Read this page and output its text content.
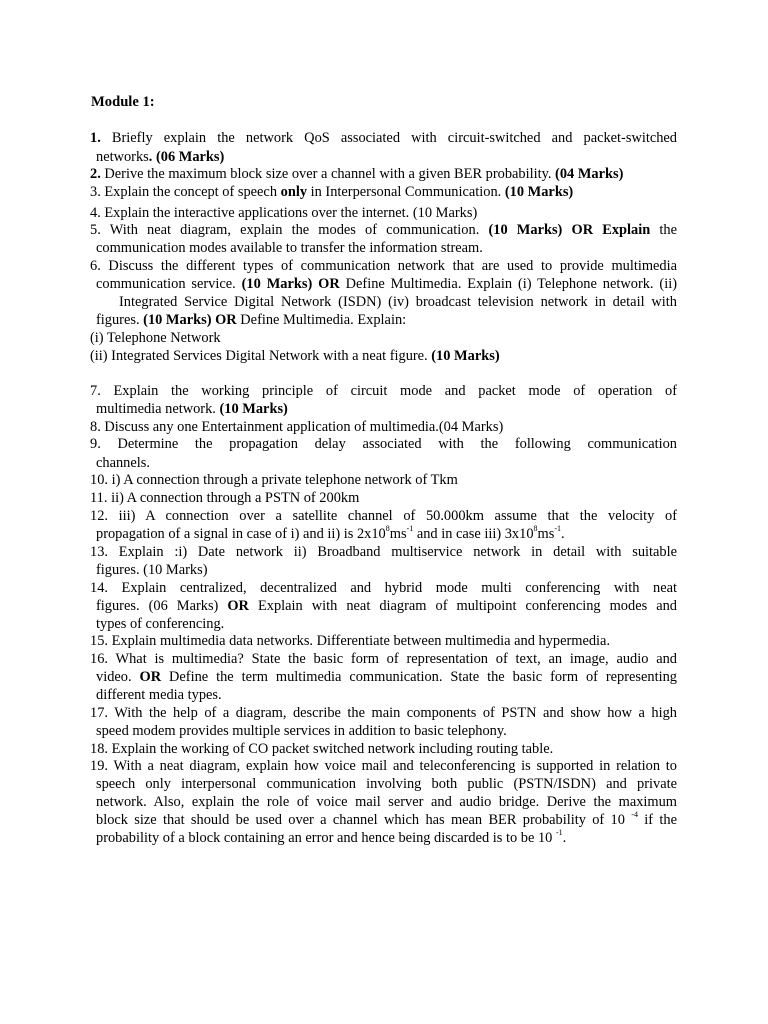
Module 1:
1. Briefly explain the network QoS associated with circuit-switched and packet-switched
networks. (06 Marks)
2. Derive the maximum block size over a channel with a given BER probability. (04 Marks)
3. Explain the concept of speech only in Interpersonal Communication. (10 Marks)
4. Explain the interactive applications over the internet. (10 Marks)
5. With neat diagram, explain the modes of communication. (10 Marks) OR Explain the
communication modes available to transfer the information stream.
6. Discuss the different types of communication network that are used to provide multimedia
communication service. (10 Marks) OR Define Multimedia. Explain (i) Telephone network. (ii)
Integrated Service Digital Network (ISDN) (iv) broadcast television network in detail with
figures. (10 Marks) OR Define Multimedia. Explain:
(i) Telephone Network
(ii) Integrated Services Digital Network with a neat figure. (10 Marks)
7. Explain the working principle of circuit mode and packet mode of operation of
multimedia network. (10 Marks)
8. Discuss any one Entertainment application of multimedia.(04 Marks)
9. Determine the propagation delay associated with the following communication
channels.
10. i) A connection through a private telephone network of Tkm
11. ii) A connection through a PSTN of 200km
12. iii) A connection over a satellite channel of 50.000km assume that the velocity of
propagation of a signal in case of i) and ii) is $2x10^8ms^{-1}$ and in case iii) $3x10^8ms^{-1}$.
13. Explain :i) Date network ii) Broadband multiservice network in detail with suitable
figures. (10 Marks)
14. Explain centralized, decentralized and hybrid mode multi conferencing with neat
figures. (06 Marks) OR Explain with neat diagram of multipoint conferencing modes and
types of conferencing.
15. Explain multimedia data networks. Differentiate between multimedia and hypermedia.
16. What is multimedia? State the basic form of representation of text, an image, audio and
video. OR Define the term multimedia communication. State the basic form of representing
different media types.
17. With the help of a diagram, describe the main components of PSTN and show how a high
speed modem provides multiple services in addition to basic telephony.
18. Explain the working of CO packet switched network including routing table.
19. With a neat diagram, explain how voice mail and teleconferencing is supported in relation to
speech only interpersonal communication involving both public (PSTN/ISDN) and private
network. Also, explain the role of voice mail server and audio bridge. Derive the maximum
block size that should be used over a channel which has mean BER probability of 10 $^{-4}$ if the
probability of a block containing an error and hence being discarded is to be 10 $^{-1}$.
